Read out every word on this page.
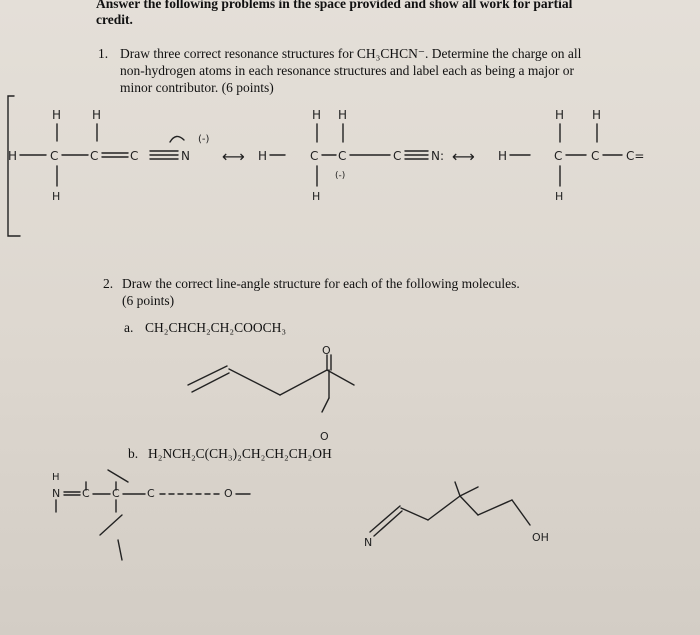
Answer the following problems in the space provided and show all work for partial
credit.
1. Draw three correct resonance structures for CH₃CHCN⁻. Determine the charge on all
non-hydrogen atoms in each resonance structures and label each as being a major or
minor contributor. (6 points)
2. Draw the correct line-angle structure for each of the following molecules.
(6 points)
a. CH₂CHCH₂CH₂COOCH₃
b. H₂NCH₂C(CH₃)₂CH₂CH₂CH₂OH
H	H
H	C	C	C	N
(-)
H
⟷ H
H H
C C	C N:
H
(-)
⟷ H
H H
C C C=
H
O
O
H
N C C C	O
N	OH
